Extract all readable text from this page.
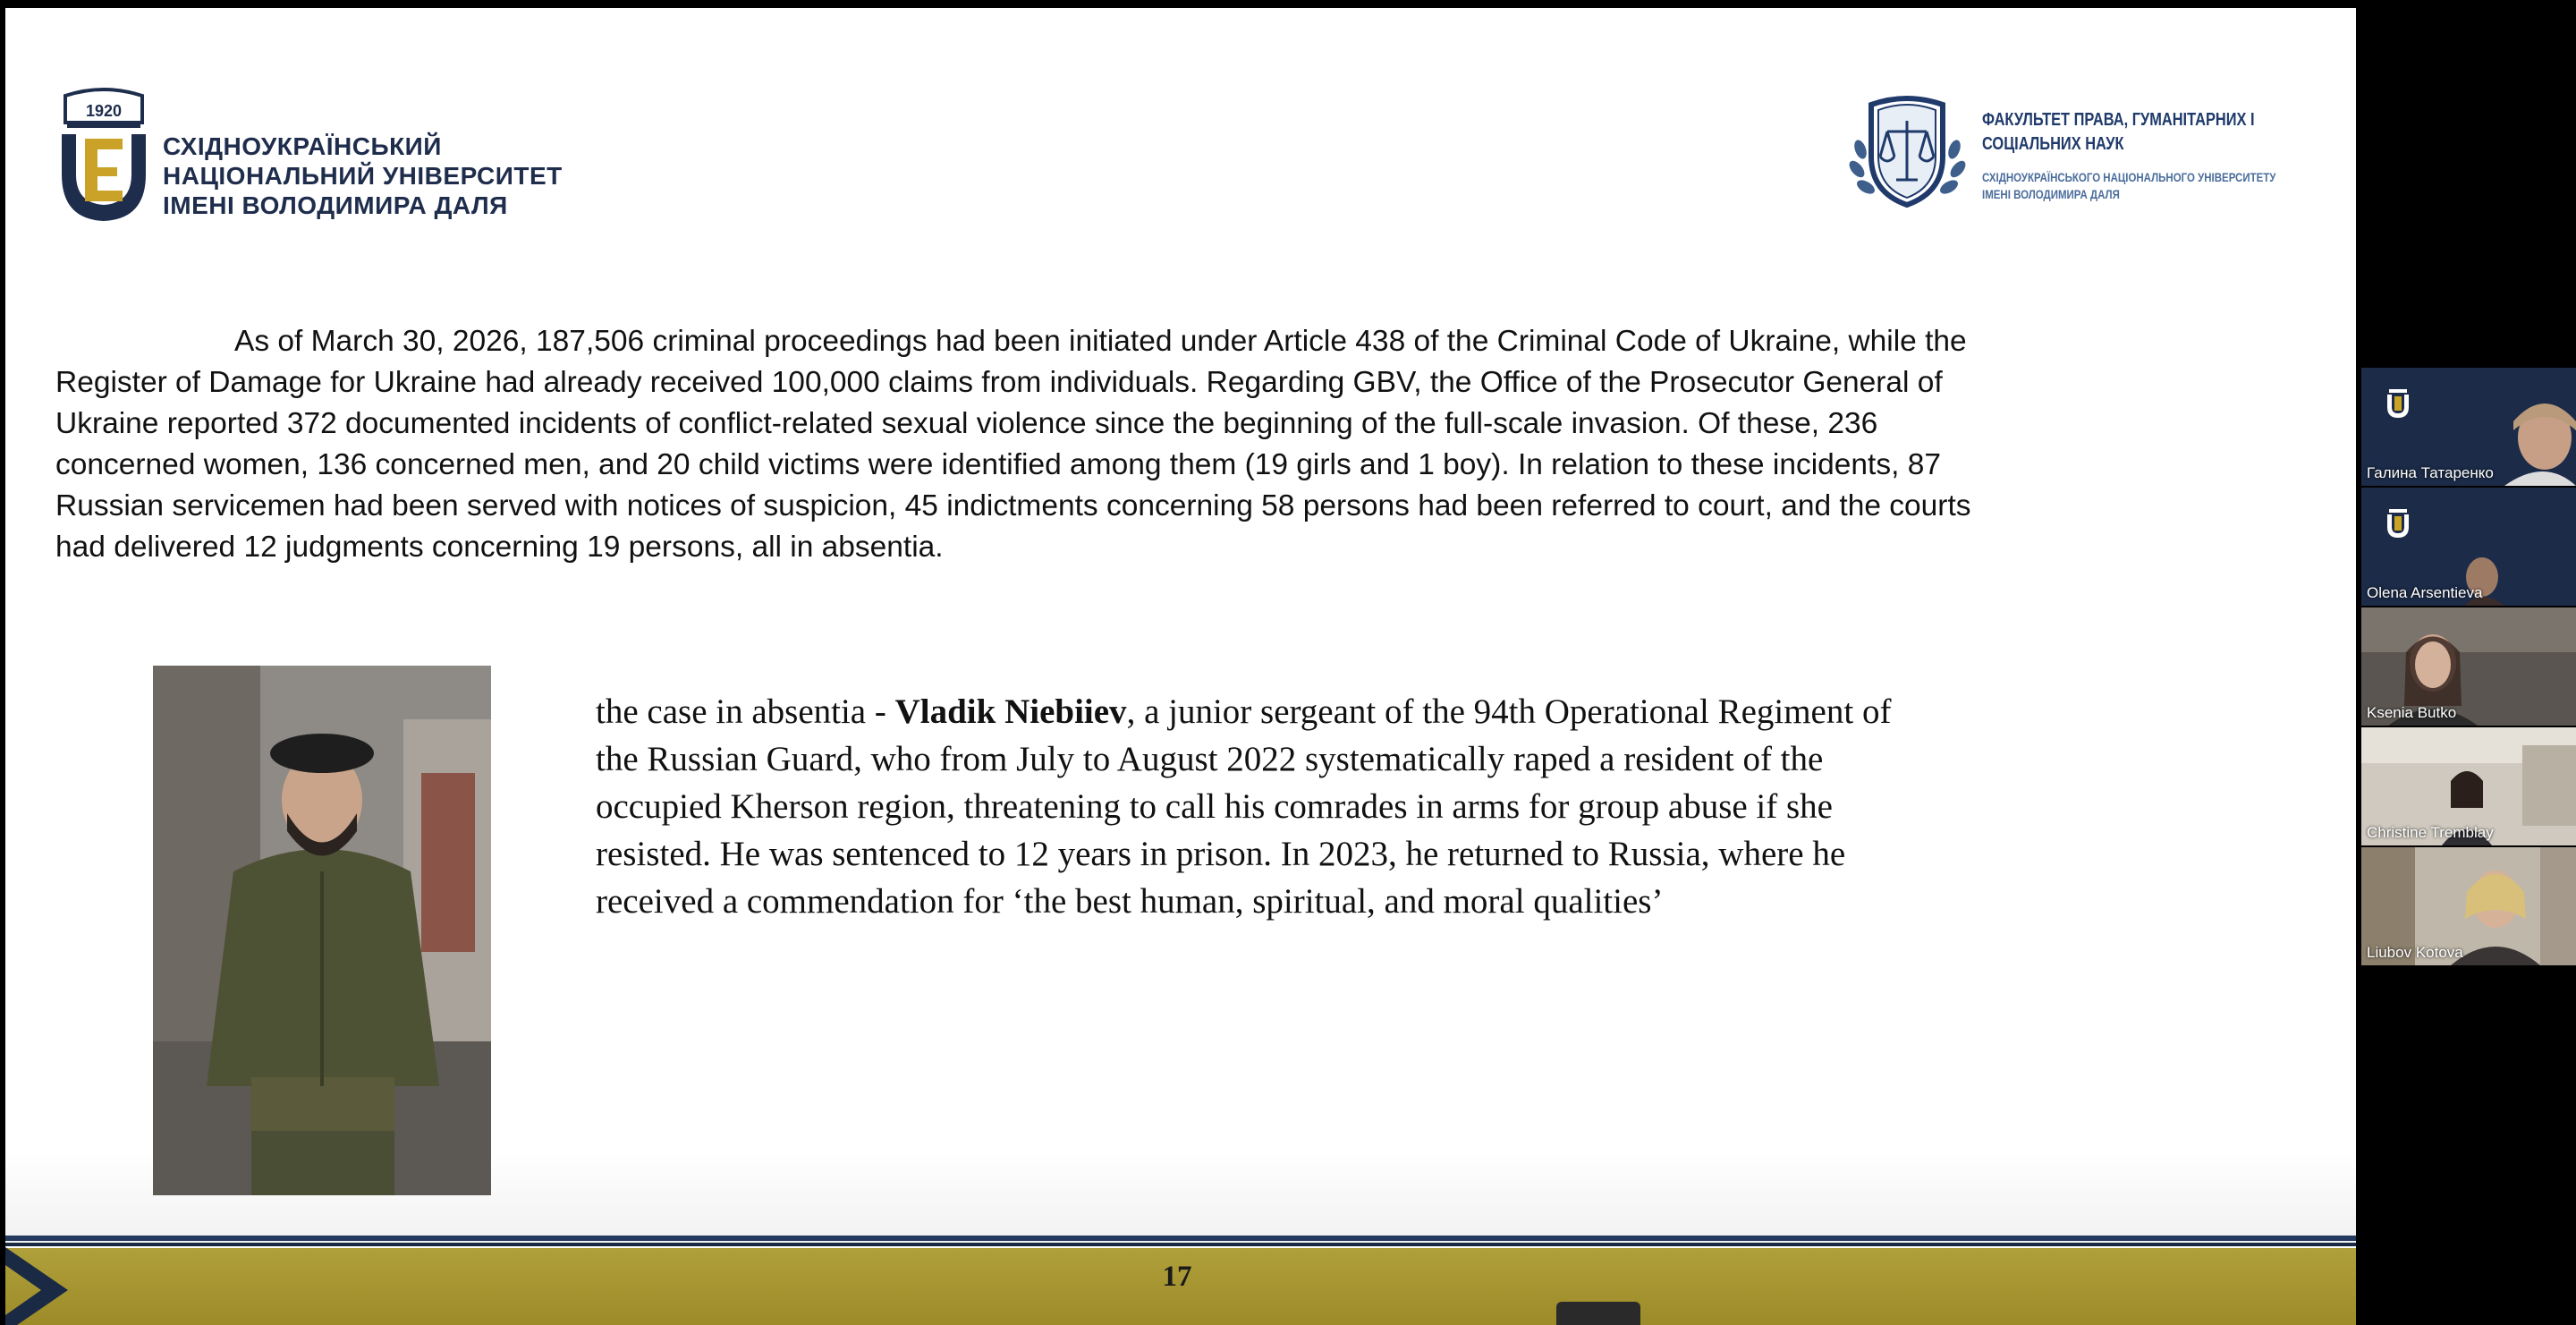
1920
СХІДНОУКРАЇНСЬКИЙ
НАЦІОНАЛЬНИЙ УНІВЕРСИТЕТ
ІМЕНІ ВОЛОДИМИРА ДАЛЯ
ФАКУЛЬТЕТ ПРАВА, ГУМАНІТАРНИХ І
СОЦІАЛЬНИХ НАУК
СХІДНОУКРАЇНСЬКОГО НАЦІОНАЛЬНОГО УНІВЕРСИТЕТУ
ІМЕНІ ВОЛОДИМИРА ДАЛЯ
As of March 30, 2026, 187,506 criminal proceedings had been initiated under Article 438 of the Criminal Code of Ukraine, while the
Register of Damage for Ukraine had already received 100,000 claims from individuals. Regarding GBV, the Office of the Prosecutor General of
Ukraine reported 372 documented incidents of conflict-related sexual violence since the beginning of the full-scale invasion. Of these, 236
concerned women, 136 concerned men, and 20 child victims were identified among them (19 girls and 1 boy). In relation to these incidents, 87
Russian servicemen had been served with notices of suspicion, 45 indictments concerning 58 persons had been referred to court, and the courts
had delivered 12 judgments concerning 19 persons, all in absentia.
the case in absentia - Vladik Niebiiev, a junior sergeant of the 94th Operational Regiment of
the Russian Guard, who from July to August 2022 systematically raped a resident of the
occupied Kherson region, threatening to call his comrades in arms for group abuse if she
resisted. He was sentenced to 12 years in prison. In 2023, he returned to Russia, where he
received a commendation for ‘the best human, spiritual, and moral qualities’
17
Галина Татаренко
Olena Arsentieva
Ksenia Butko
Christine Tremblay
Liubov Kotova
